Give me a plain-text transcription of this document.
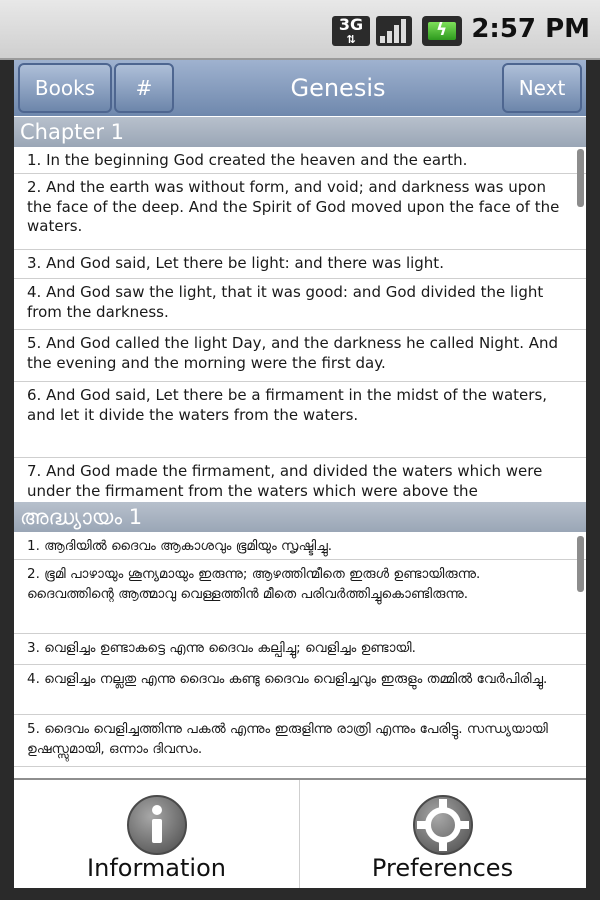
3G
⇅	ϟ 2:57 PM
Books	#	Genesis	Next
Chapter 1
1. In the beginning God created the heaven and the earth.
2. And the earth was without form, and void; and darkness was upon the face of the deep. And the Spirit of God moved upon the face of the waters.
3. And God said, Let there be light: and there was light.
4. And God saw the light, that it was good: and God divided the light from the darkness.
5. And God called the light Day, and the darkness he called Night. And the evening and the morning were the first day.
6. And God said, Let there be a firmament in the midst of the waters, and let it divide the waters from the waters.
7. And God made the firmament, and divided the waters which were under the firmament from the waters which were above the
അദ്ധ്യായം 1
1. ആദിയിൽ ദൈവം ആകാശവും ഭൂമിയും സൃഷ്ടിച്ചു.
2. ഭൂമി പാഴായും ശൂന്യമായും ഇരുന്നു; ആഴത്തിന്മീതെ ഇരുൾ ഉണ്ടായിരുന്നു. ദൈവത്തിന്റെ ആത്മാവു വെള്ളത്തിൻ മീതെ പരിവർത്തിച്ചുകൊണ്ടിരുന്നു.
3. വെളിച്ചം ഉണ്ടാകട്ടെ എന്നു ദൈവം കല്പിച്ചു; വെളിച്ചം ഉണ്ടായി.
4. വെളിച്ചം നല്ലതു എന്നു ദൈവം കണ്ടു ദൈവം വെളിച്ചവും ഇരുളും തമ്മിൽ വേർപിരിച്ചു.
5. ദൈവം വെളിച്ചത്തിന്നു പകൽ എന്നും ഇരുളിന്നു രാത്രി എന്നും പേരിട്ടു. സന്ധ്യയായി ഉഷസ്സുമായി, ഒന്നാം ദിവസം.
Information	Preferences
